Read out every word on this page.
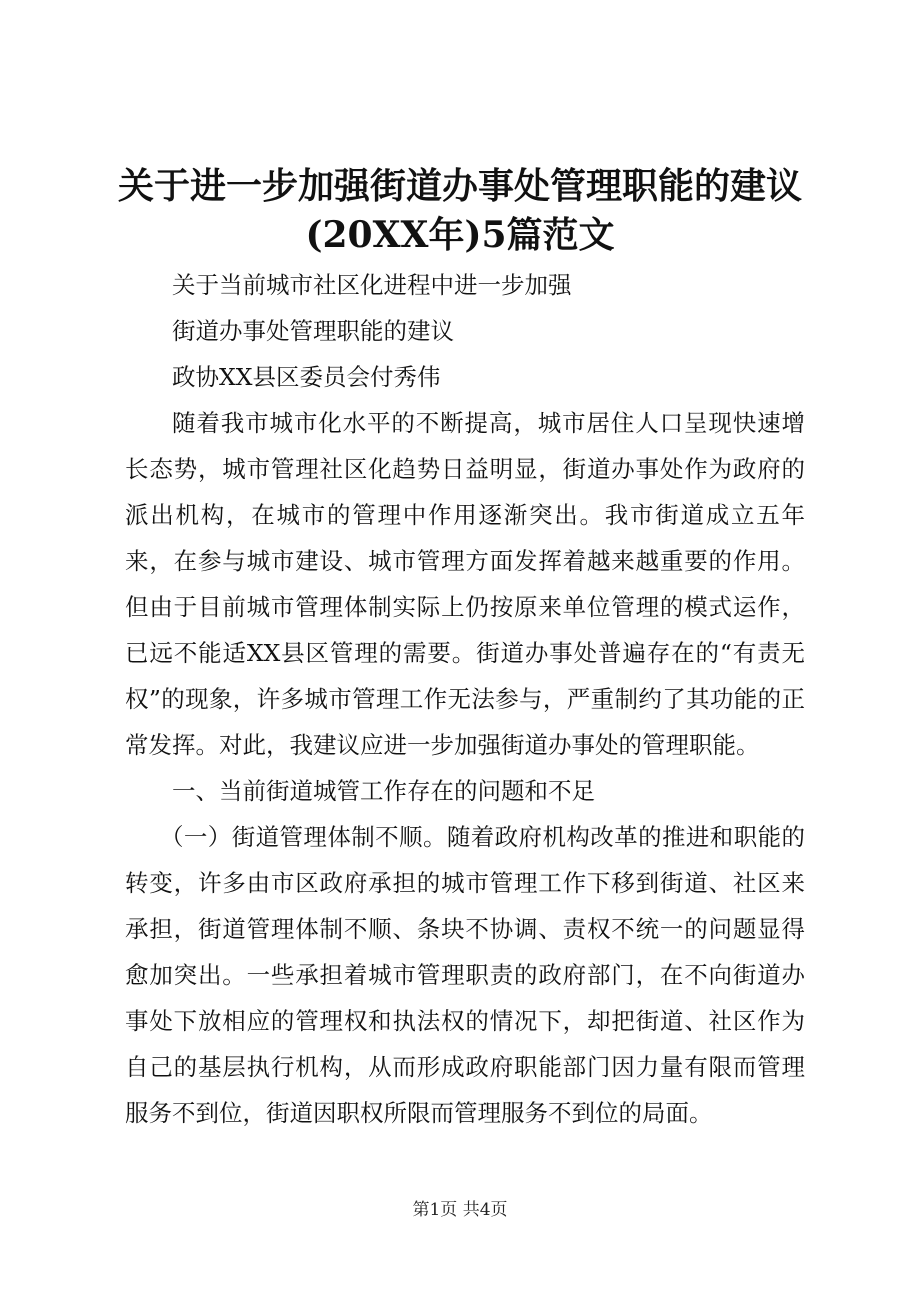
关于进一步加强街道办事处管理职能的建议
(20XX年)5篇范文

关于当前城市社区化进程中进一步加强

街道办事处管理职能的建议

政协XX县区委员会付秀伟

随着我市城市化水平的不断提高，城市居住人口呈现快速增长态势，城市管理社区化趋势日益明显，街道办事处作为政府的派出机构，在城市的管理中作用逐渐突出。我市街道成立五年来，在参与城市建设、城市管理方面发挥着越来越重要的作用。但由于目前城市管理体制实际上仍按原来单位管理的模式运作，已远不能适XX县区管理的需要。街道办事处普遍存在的“有责无权”的现象，许多城市管理工作无法参与，严重制约了其功能的正常发挥。对此，我建议应进一步加强街道办事处的管理职能。

一、当前街道城管工作存在的问题和不足

（一）街道管理体制不顺。随着政府机构改革的推进和职能的转变，许多由市区政府承担的城市管理工作下移到街道、社区来承担，街道管理体制不顺、条块不协调、责权不统一的问题显得愈加突出。一些承担着城市管理职责的政府部门，在不向街道办事处下放相应的管理权和执法权的情况下，却把街道、社区作为自己的基层执行机构，从而形成政府职能部门因力量有限而管理服务不到位，街道因职权所限而管理服务不到位的局面。

第1页 共4页
